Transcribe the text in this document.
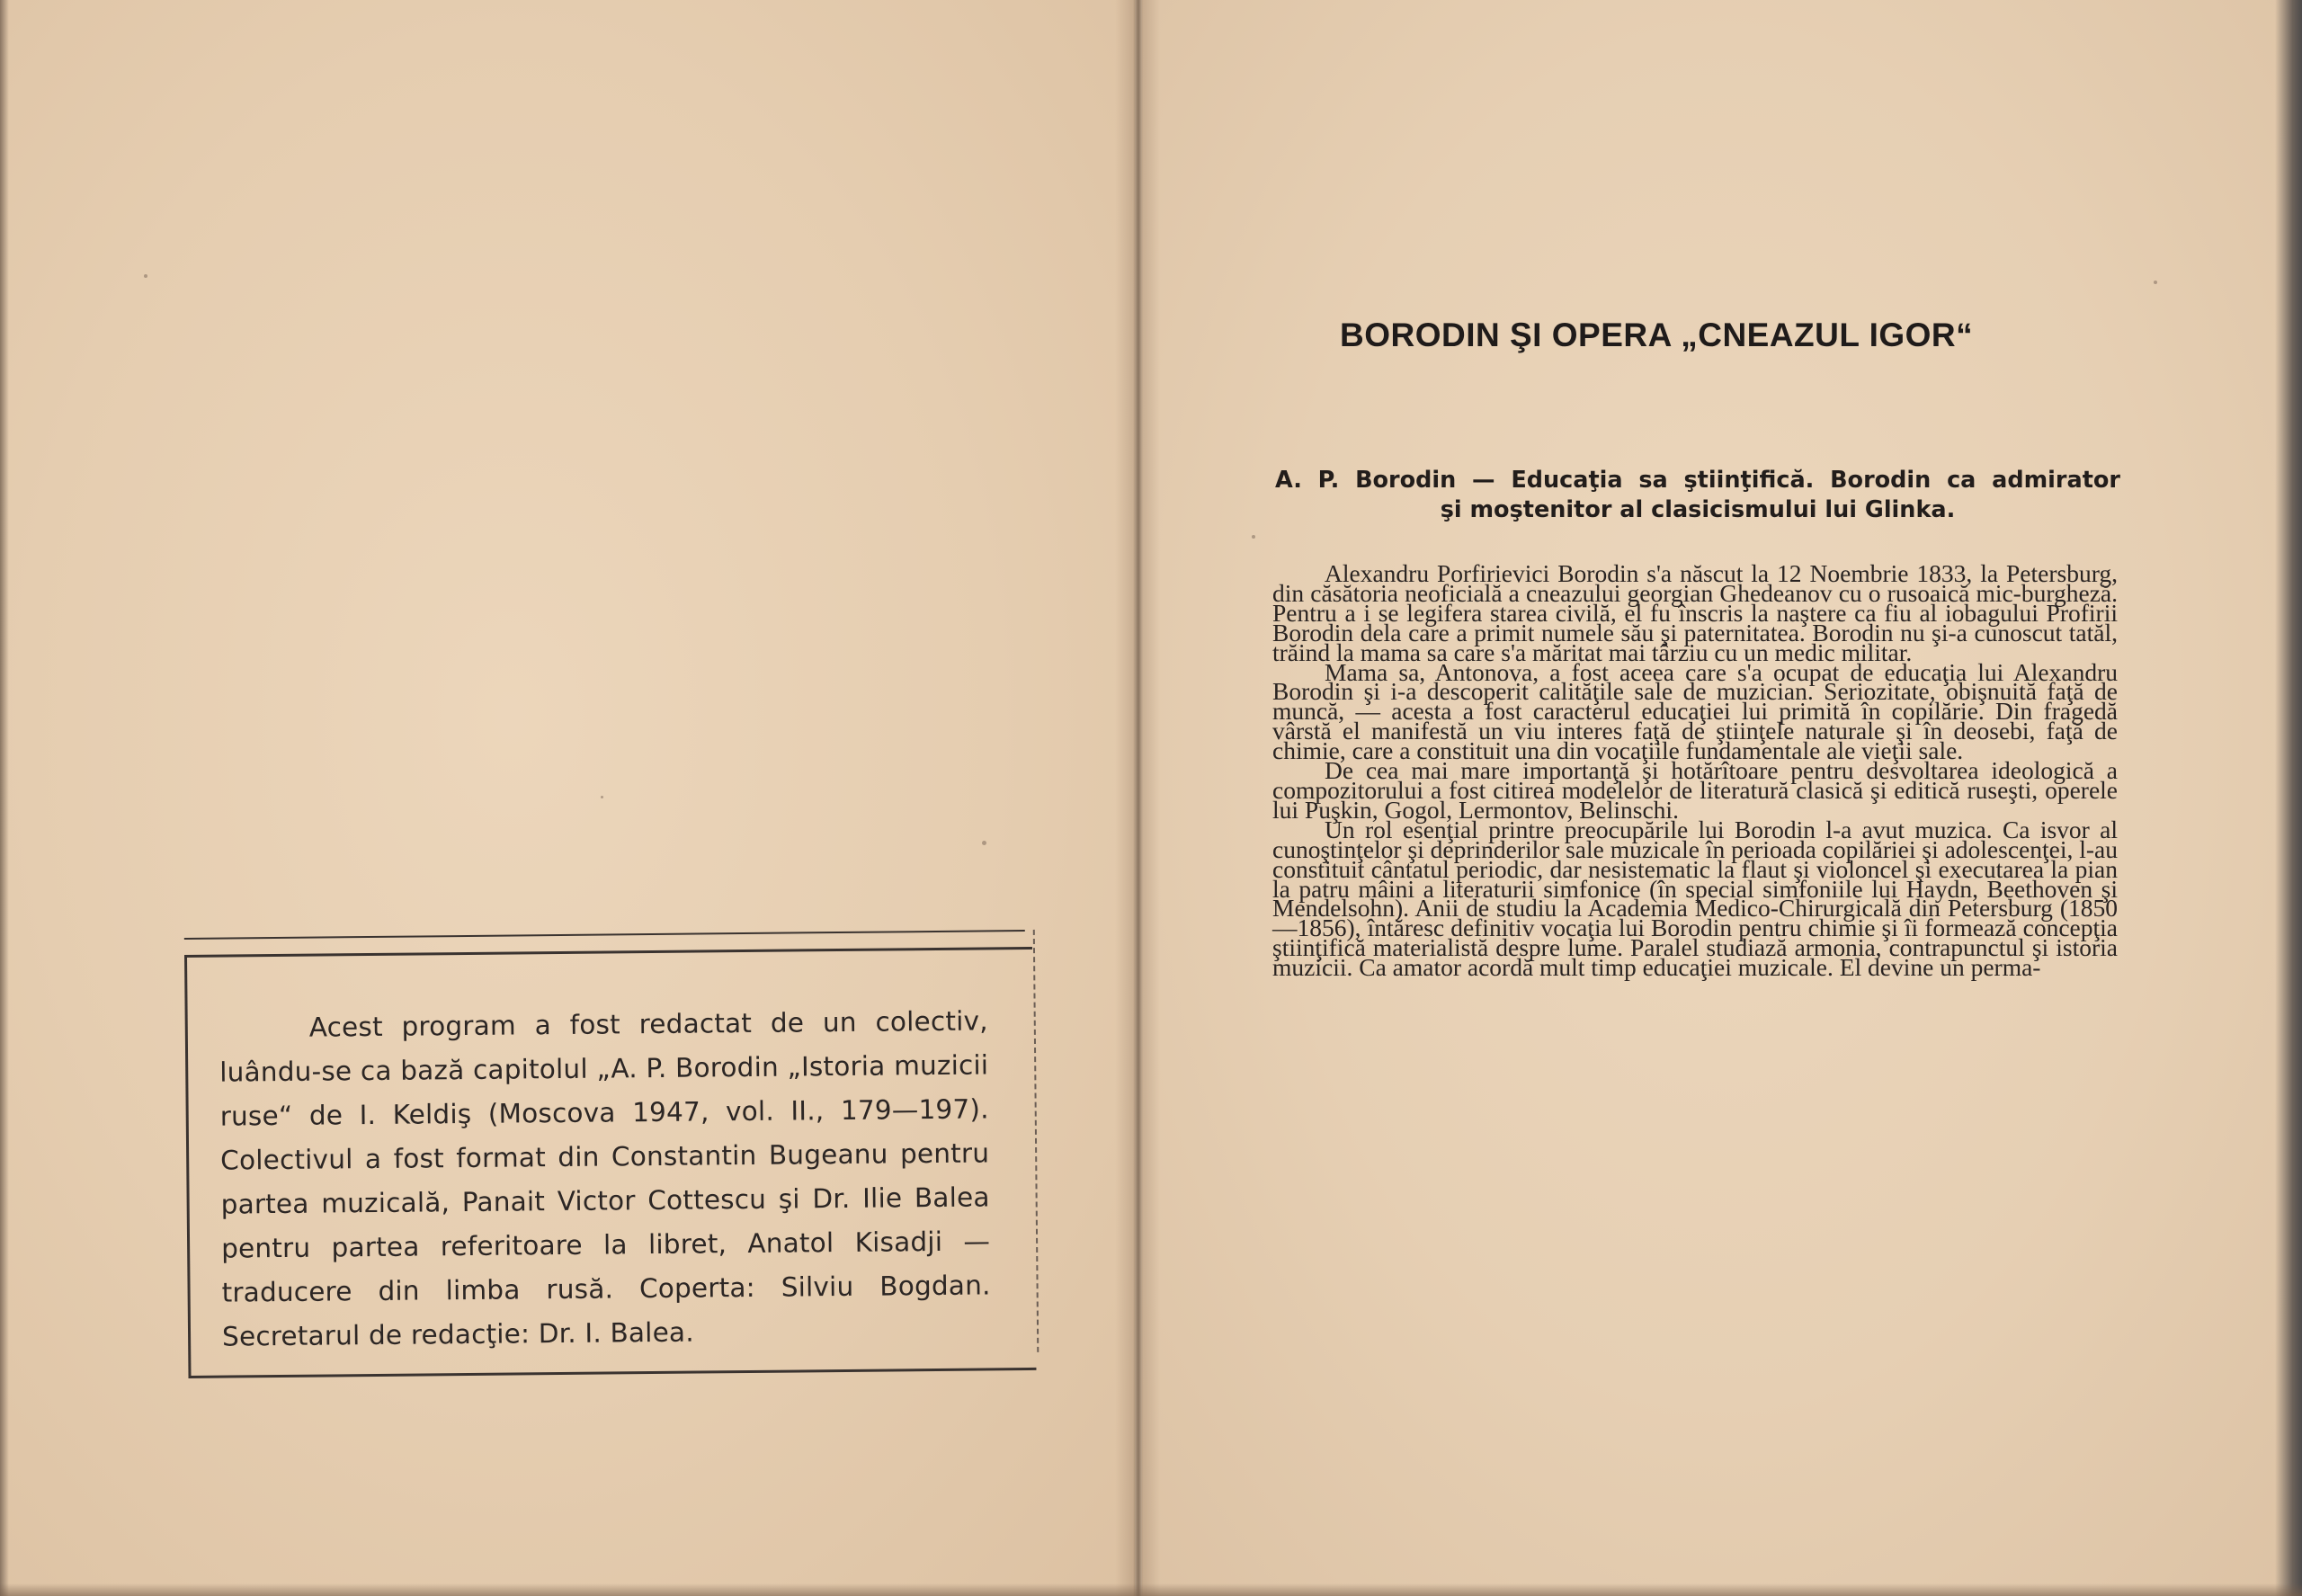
Acest program a fost redactat de un colectiv, luându-se ca bază capitolul „A. P. Borodin „Istoria muzicii ruse“ de I. Keldiş (Moscova 1947, vol. II., 179—197). Colectivul a fost format din Constantin Bugeanu pentru partea muzicală, Panait Victor Cottescu şi Dr. Ilie Balea pentru partea referitoare la libret, Anatol Kisadji — traducere din limba rusă. Coperta: Silviu Bogdan. Secretarul de redacţie: Dr. I. Balea.
BORODIN ŞI OPERA „CNEAZUL IGOR“
A. P. Borodin — Educaţia sa ştiinţifică. Borodin ca admirator
şi moştenitor al clasicismului lui Glinka.

Alexandru Porfirievici Borodin s'a născut la 12 Noembrie 1833, la Petersburg, din căsătoria neoficială a cneazului georgian Ghedeanov cu o rusoaică mic-burgheză. Pentru a i se legifera starea civilă, el fu înscris la naştere ca fiu al iobagului Profirii Borodin dela care a primit numele său şi paternitatea. Borodin nu şi-a cunoscut tatăl, trăind la mama sa care s'a măritat mai târziu cu un medic militar.

Mama sa, Antonova, a fost aceea care s'a ocupat de educaţia lui Alexandru Borodin şi i-a descoperit calităţile sale de muzician. Seriozitate, obişnuită faţă de muncă, — acesta a fost caracterul educaţiei lui primită în copilărie. Din fragedă vârstă el manifestă un viu interes faţă de ştiinţele naturale şi în deosebi, faţă de chimie, care a constituit una din vocaţiile fundamentale ale vieţii sale.

De cea mai mare importanţă şi hotărîtoare pentru desvoltarea ideologică a compozitorului a fost citirea modelelor de literatură clasică şi editică ruseşti, operele lui Puşkin, Gogol, Lermontov, Belinschi.

Un rol esenţial printre preocupările lui Borodin l-a avut muzica. Ca isvor al cunoştinţelor şi deprinderilor sale muzicale în perioada copilăriei şi adolescenţei, l-au constituit cântatul periodic, dar nesistematic la flaut şi violoncel şi executarea la pian la patru mâini a literaturii simfonice (în special simfoniile lui Haydn, Beethoven şi Mendelsohn). Anii de studiu la Academia Medico-Chirurgicală din Petersburg (1850—1856), întăresc definitiv vocaţia lui Borodin pentru chimie şi îi formează concepţia ştiinţifică materialistă despre lume. Paralel studiază armonia, contrapunctul şi istoria muzicii. Ca amator acordă mult timp educaţiei muzicale. El devine un perma-
